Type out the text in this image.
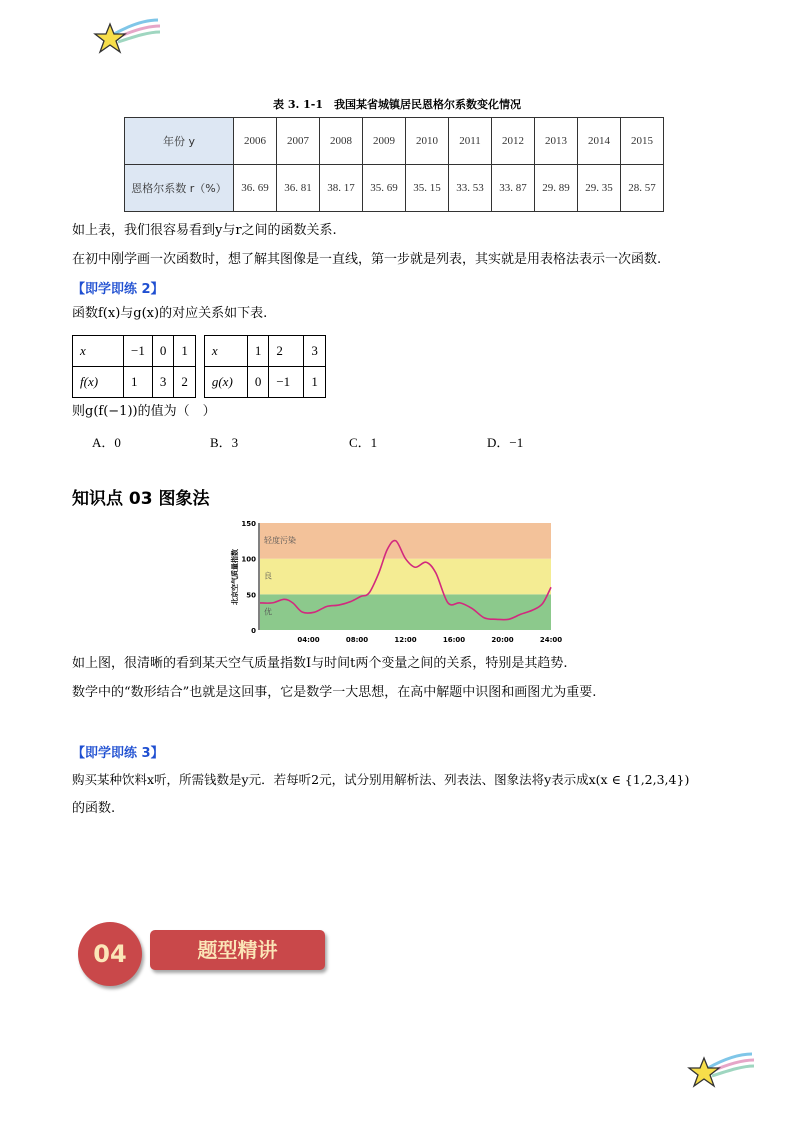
表 3. 1-1　我国某省城镇居民恩格尔系数变化情况
年份 y	2006	2007	2008	2009	2010	2011	2012	2013	2014	2015
恩格尔系数 r（%）	36. 69	36. 81	38. 17	35. 69	35. 15	33. 53	33. 87	29. 89	29. 35	28. 57
如上表，我们很容易看到y与r之间的函数关系.
在初中刚学画一次函数时，想了解其图像是一直线，第一步就是列表，其实就是用表格法表示一次函数.
【即学即练 2】
函数f(x)与g(x)的对应关系如下表.
x	−1	0	1		x	1	2	3
f(x)	1	3	2		g(x)	0	−1	1
则g(f(−1))的值为（　）
A．0	B．3	C．1	D．−1
知识点 03 图象法
优
良
轻度污染
0
50
100
150
04:00	08:00	12:00	16:00	20:00	24:00
北京空气质量指数
如上图，很清晰的看到某天空气质量指数I与时间t两个变量之间的关系，特别是其趋势.
数学中的“数形结合”也就是这回事，它是数学一大思想，在高中解题中识图和画图尤为重要.
【即学即练 3】
购买某种饮料x听，所需钱数是y元．若每听2元，试分别用解析法、列表法、图象法将y表示成x(x ∈ {1,2,3,4})
的函数.
04	题型精讲
